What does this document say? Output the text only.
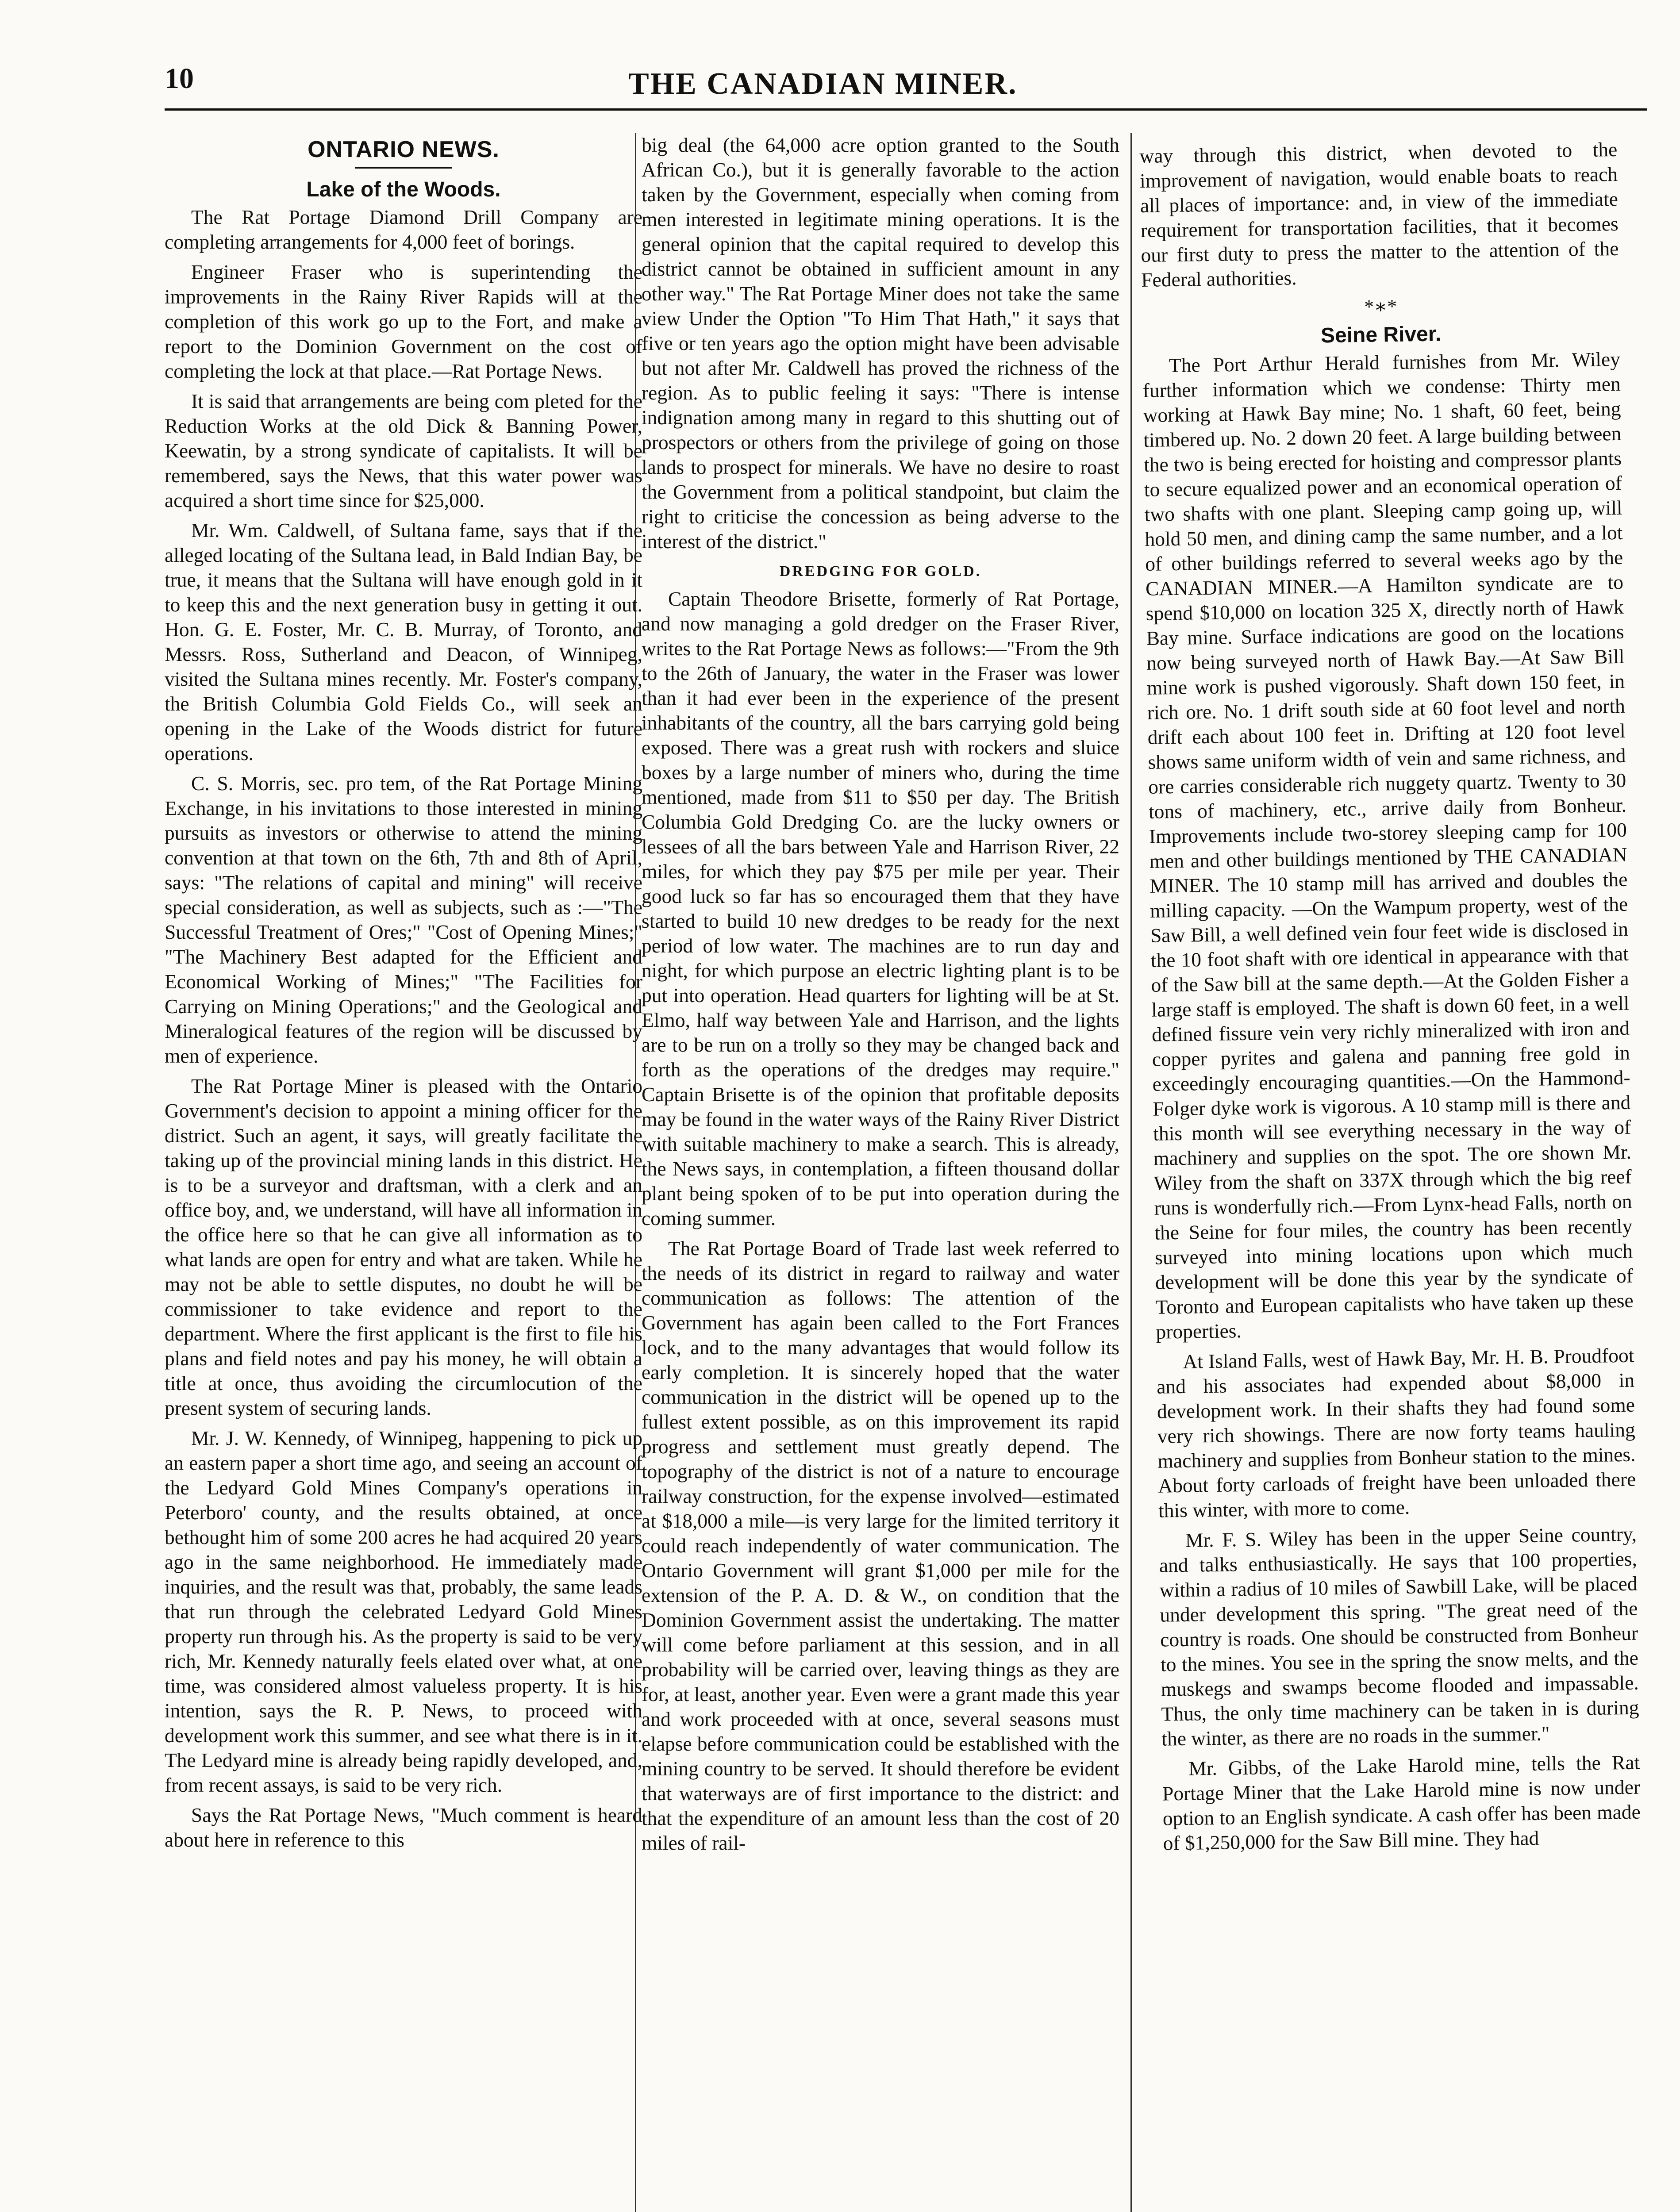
10	THE CANADIAN MINER.
ONTARIO NEWS.
Lake of the Woods.

The Rat Portage Diamond Drill Company are completing arrangements for 4,000 feet of borings.

Engineer Fraser who is superintending the improvements in the Rainy River Rapids will at the completion of this work go up to the Fort, and make a report to the Dominion Government on the cost of completing the lock at that place.—Rat Portage News.

It is said that arrangements are being com pleted for the Reduction Works at the old Dick & Banning Power, Keewatin, by a strong syndicate of capitalists. It will be remembered, says the News, that this water power was acquired a short time since for $25,000.

Mr. Wm. Caldwell, of Sultana fame, says that if the alleged locating of the Sultana lead, in Bald Indian Bay, be true, it means that the Sultana will have enough gold in it to keep this and the next generation busy in getting it out. Hon. G. E. Foster, Mr. C. B. Murray, of Toronto, and Messrs. Ross, Sutherland and Deacon, of Winnipeg, visited the Sultana mines recently. Mr. Foster's company, the British Columbia Gold Fields Co., will seek an opening in the Lake of the Woods district for future operations.

C. S. Morris, sec. pro tem, of the Rat Portage Mining Exchange, in his invitations to those interested in mining pursuits as investors or otherwise to attend the mining convention at that town on the 6th, 7th and 8th of April, says: "The relations of capital and mining" will receive special consideration, as well as subjects, such as :—"The Successful Treatment of Ores;" "Cost of Opening Mines;" "The Machinery Best adapted for the Efficient and Economical Working of Mines;" "The Facilities for Carrying on Mining Operations;" and the Geological and Mineralogical features of the region will be discussed by men of experience.

The Rat Portage Miner is pleased with the Ontario Government's decision to appoint a mining officer for the district. Such an agent, it says, will greatly facilitate the taking up of the provincial mining lands in this district. He is to be a surveyor and draftsman, with a clerk and an office boy, and, we understand, will have all information in the office here so that he can give all information as to what lands are open for entry and what are taken. While he may not be able to settle disputes, no doubt he will be commissioner to take evidence and report to the department. Where the first applicant is the first to file his plans and field notes and pay his money, he will obtain a title at once, thus avoiding the circumlocution of the present system of securing lands.

Mr. J. W. Kennedy, of Winnipeg, happening to pick up an eastern paper a short time ago, and seeing an account of the Ledyard Gold Mines Company's operations in Peterboro' county, and the results obtained, at once bethought him of some 200 acres he had acquired 20 years ago in the same neighborhood. He immediately made inquiries, and the result was that, probably, the same leads that run through the celebrated Ledyard Gold Mines property run through his. As the property is said to be very rich, Mr. Kennedy naturally feels elated over what, at one time, was considered almost valueless property. It is his intention, says the R. P. News, to proceed with development work this summer, and see what there is in it. The Ledyard mine is already being rapidly developed, and, from recent assays, is said to be very rich.

Says the Rat Portage News, "Much comment is heard about here in reference to this

big deal (the 64,000 acre option granted to the South African Co.), but it is generally favorable to the action taken by the Government, especially when coming from men interested in legitimate mining operations. It is the general opinion that the capital required to develop this district cannot be obtained in sufficient amount in any other way." The Rat Portage Miner does not take the same view Under the Option "To Him That Hath," it says that five or ten years ago the option might have been advisable but not after Mr. Caldwell has proved the richness of the region. As to public feeling it says: "There is intense indignation among many in regard to this shutting out of prospectors or others from the privilege of going on those lands to prospect for minerals. We have no desire to roast the Government from a political standpoint, but claim the right to criticise the concession as being adverse to the interest of the district."

DREDGING FOR GOLD.

Captain Theodore Brisette, formerly of Rat Portage, and now managing a gold dredger on the Fraser River, writes to the Rat Portage News as follows:—"From the 9th to the 26th of January, the water in the Fraser was lower than it had ever been in the experience of the present inhabitants of the country, all the bars carrying gold being exposed. There was a great rush with rockers and sluice boxes by a large number of miners who, during the time mentioned, made from $11 to $50 per day. The British Columbia Gold Dredging Co. are the lucky owners or lessees of all the bars between Yale and Harrison River, 22 miles, for which they pay $75 per mile per year. Their good luck so far has so encouraged them that they have started to build 10 new dredges to be ready for the next period of low water. The machines are to run day and night, for which purpose an electric lighting plant is to be put into operation. Head quarters for lighting will be at St. Elmo, half way between Yale and Harrison, and the lights are to be run on a trolly so they may be changed back and forth as the operations of the dredges may require." Captain Brisette is of the opinion that profitable deposits may be found in the water ways of the Rainy River District with suitable machinery to make a search. This is already, the News says, in contemplation, a fifteen thousand dollar plant being spoken of to be put into operation during the coming summer.

The Rat Portage Board of Trade last week referred to the needs of its district in regard to railway and water communication as follows: The attention of the Government has again been called to the Fort Frances lock, and to the many advantages that would follow its early completion. It is sincerely hoped that the water communication in the district will be opened up to the fullest extent possible, as on this improvement its rapid progress and settlement must greatly depend. The topography of the district is not of a nature to encourage railway construction, for the expense involved—estimated at $18,000 a mile—is very large for the limited territory it could reach independently of water communication. The Ontario Government will grant $1,000 per mile for the extension of the P. A. D. & W., on condition that the Dominion Government assist the undertaking. The matter will come before parliament at this session, and in all probability will be carried over, leaving things as they are for, at least, another year. Even were a grant made this year and work proceeded with at once, several seasons must elapse before communication could be established with the mining country to be served. It should therefore be evident that waterways are of first importance to the district: and that the expenditure of an amount less than the cost of 20 miles of rail-

way through this district, when devoted to the improvement of navigation, would enable boats to reach all places of importance: and, in view of the immediate requirement for transportation facilities, that it becomes our first duty to press the matter to the attention of the Federal authorities.

*∗*
Seine River.

The Port Arthur Herald furnishes from Mr. Wiley further information which we condense: Thirty men working at Hawk Bay mine; No. 1 shaft, 60 feet, being timbered up. No. 2 down 20 feet. A large building between the two is being erected for hoisting and compressor plants to secure equalized power and an economical operation of two shafts with one plant. Sleeping camp going up, will hold 50 men, and dining camp the same number, and a lot of other buildings referred to several weeks ago by the CANADIAN MINER.—A Hamilton syndicate are to spend $10,000 on location 325 X, directly north of Hawk Bay mine. Surface indications are good on the locations now being surveyed north of Hawk Bay.—At Saw Bill mine work is pushed vigorously. Shaft down 150 feet, in rich ore. No. 1 drift south side at 60 foot level and north drift each about 100 feet in. Drifting at 120 foot level shows same uniform width of vein and same richness, and ore carries considerable rich nuggety quartz. Twenty to 30 tons of machinery, etc., arrive daily from Bonheur. Improvements include two-storey sleeping camp for 100 men and other buildings mentioned by THE CANADIAN MINER. The 10 stamp mill has arrived and doubles the milling capacity. —On the Wampum property, west of the Saw Bill, a well defined vein four feet wide is disclosed in the 10 foot shaft with ore identical in appearance with that of the Saw bill at the same depth.—At the Golden Fisher a large staff is employed. The shaft is down 60 feet, in a well defined fissure vein very richly mineralized with iron and copper pyrites and galena and panning free gold in exceedingly encouraging quantities.—On the Hammond-Folger dyke work is vigorous. A 10 stamp mill is there and this month will see everything necessary in the way of machinery and supplies on the spot. The ore shown Mr. Wiley from the shaft on 337X through which the big reef runs is wonderfully rich.—From Lynx-head Falls, north on the Seine for four miles, the country has been recently surveyed into mining locations upon which much development will be done this year by the syndicate of Toronto and European capitalists who have taken up these properties.

At Island Falls, west of Hawk Bay, Mr. H. B. Proudfoot and his associates had expended about $8,000 in development work. In their shafts they had found some very rich showings. There are now forty teams hauling machinery and supplies from Bonheur station to the mines. About forty carloads of freight have been unloaded there this winter, with more to come.

Mr. F. S. Wiley has been in the upper Seine country, and talks enthusiastically. He says that 100 properties, within a radius of 10 miles of Sawbill Lake, will be placed under development this spring. "The great need of the country is roads. One should be constructed from Bonheur to the mines. You see in the spring the snow melts, and the muskegs and swamps become flooded and impassable. Thus, the only time machinery can be taken in is during the winter, as there are no roads in the summer."

Mr. Gibbs, of the Lake Harold mine, tells the Rat Portage Miner that the Lake Harold mine is now under option to an English syndicate. A cash offer has been made of $1,250,000 for the Saw Bill mine. They had
